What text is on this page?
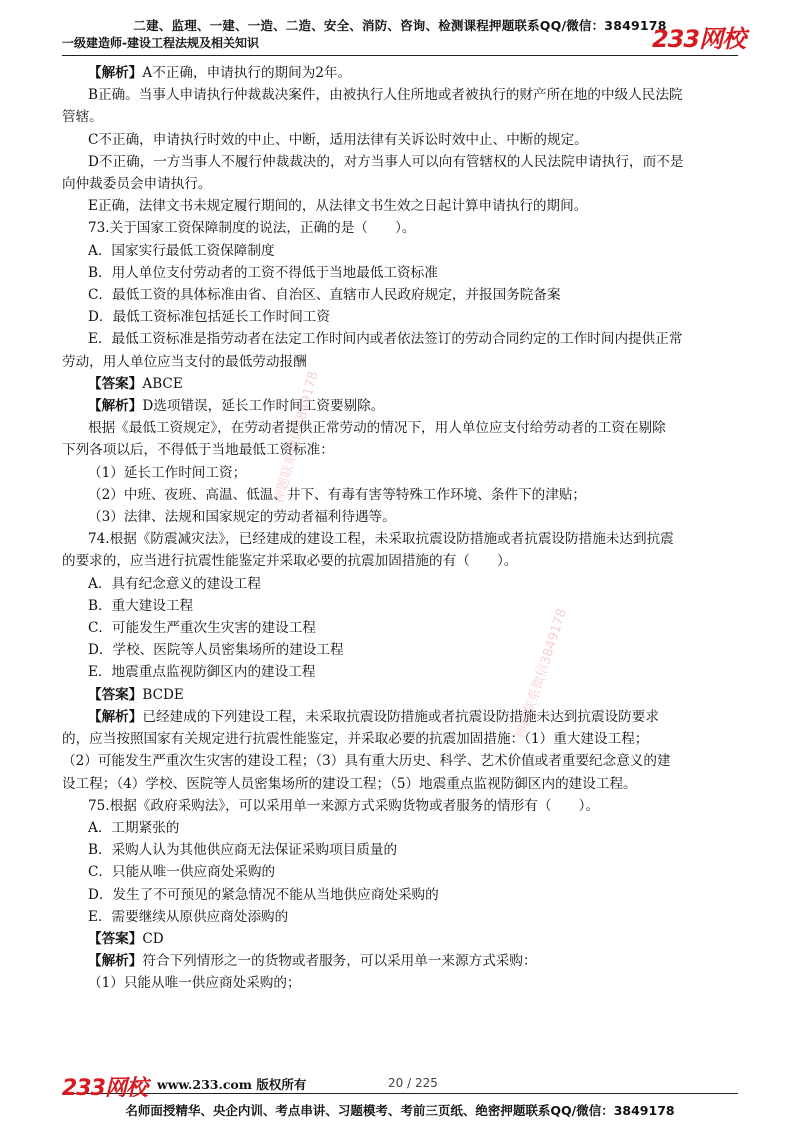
二建、监理、一建、一造、二造、安全、消防、咨询、检测课程押题联系QQ/微信：3849178
一级建造师-建设工程法规及相关知识	233网校
【解析】A不正确，申请执行的期间为2年。
B正确。当事人申请执行仲裁裁决案件，由被执行人住所地或者被执行的财产所在地的中级人民法院
管辖。
C不正确，申请执行时效的中止、中断，适用法律有关诉讼时效中止、中断的规定。
D不正确，一方当事人不履行仲裁裁决的，对方当事人可以向有管辖权的人民法院申请执行，而不是
向仲裁委员会申请执行。
E正确，法律文书未规定履行期间的，从法律文书生效之日起计算申请执行的期间。
73.关于国家工资保障制度的说法，正确的是（　　）。
A．国家实行最低工资保障制度
B．用人单位支付劳动者的工资不得低于当地最低工资标准
C．最低工资的具体标准由省、自治区、直辖市人民政府规定，并报国务院备案
D．最低工资标准包括延长工作时间工资
E．最低工资标准是指劳动者在法定工作时间内或者依法签订的劳动合同约定的工作时间内提供正常
劳动，用人单位应当支付的最低劳动报酬
【答案】ABCE
【解析】D选项错误，延长工作时间工资要剔除。
根据《最低工资规定》，在劳动者提供正常劳动的情况下，用人单位应支付给劳动者的工资在剔除
下列各项以后，不得低于当地最低工资标准：
（1）延长工作时间工资；
（2）中班、夜班、高温、低温、井下、有毒有害等特殊工作环境、条件下的津贴；
（3）法律、法规和国家规定的劳动者福利待遇等。
74.根据《防震减灾法》，已经建成的建设工程，未采取抗震设防措施或者抗震设防措施未达到抗震
的要求的，应当进行抗震性能鉴定并采取必要的抗震加固措施的有（　　）。
A．具有纪念意义的建设工程
B．重大建设工程
C．可能发生严重次生灾害的建设工程
D．学校、医院等人员密集场所的建设工程
E．地震重点监视防御区内的建设工程
【答案】BCDE
【解析】已经建成的下列建设工程，未采取抗震设防措施或者抗震设防措施未达到抗震设防要求
的，应当按照国家有关规定进行抗震性能鉴定，并采取必要的抗震加固措施：（1）重大建设工程；
（2）可能发生严重次生灾害的建设工程；（3）具有重大历史、科学、艺术价值或者重要纪念意义的建
设工程；（4）学校、医院等人员密集场所的建设工程；（5）地震重点监视防御区内的建设工程。
75.根据《政府采购法》，可以采用单一来源方式采购货物或者服务的情形有（　　）。
A．工期紧张的
B．采购人认为其他供应商无法保证采购项目质量的
C．只能从唯一供应商处采购的
D．发生了不可预见的紧急情况不能从当地供应商处采购的
E．需要继续从原供应商处添购的
【答案】CD
【解析】符合下列情形之一的货物或者服务，可以采用单一来源方式采购：
（1）只能从唯一供应商处采购的；
押题联系微信3849178
押题联系微信3849178
233网校 www.233.com 版权所有	20 / 225
名师面授精华、央企内训、考点串讲、习题模考、考前三页纸、绝密押题联系QQ/微信：3849178
